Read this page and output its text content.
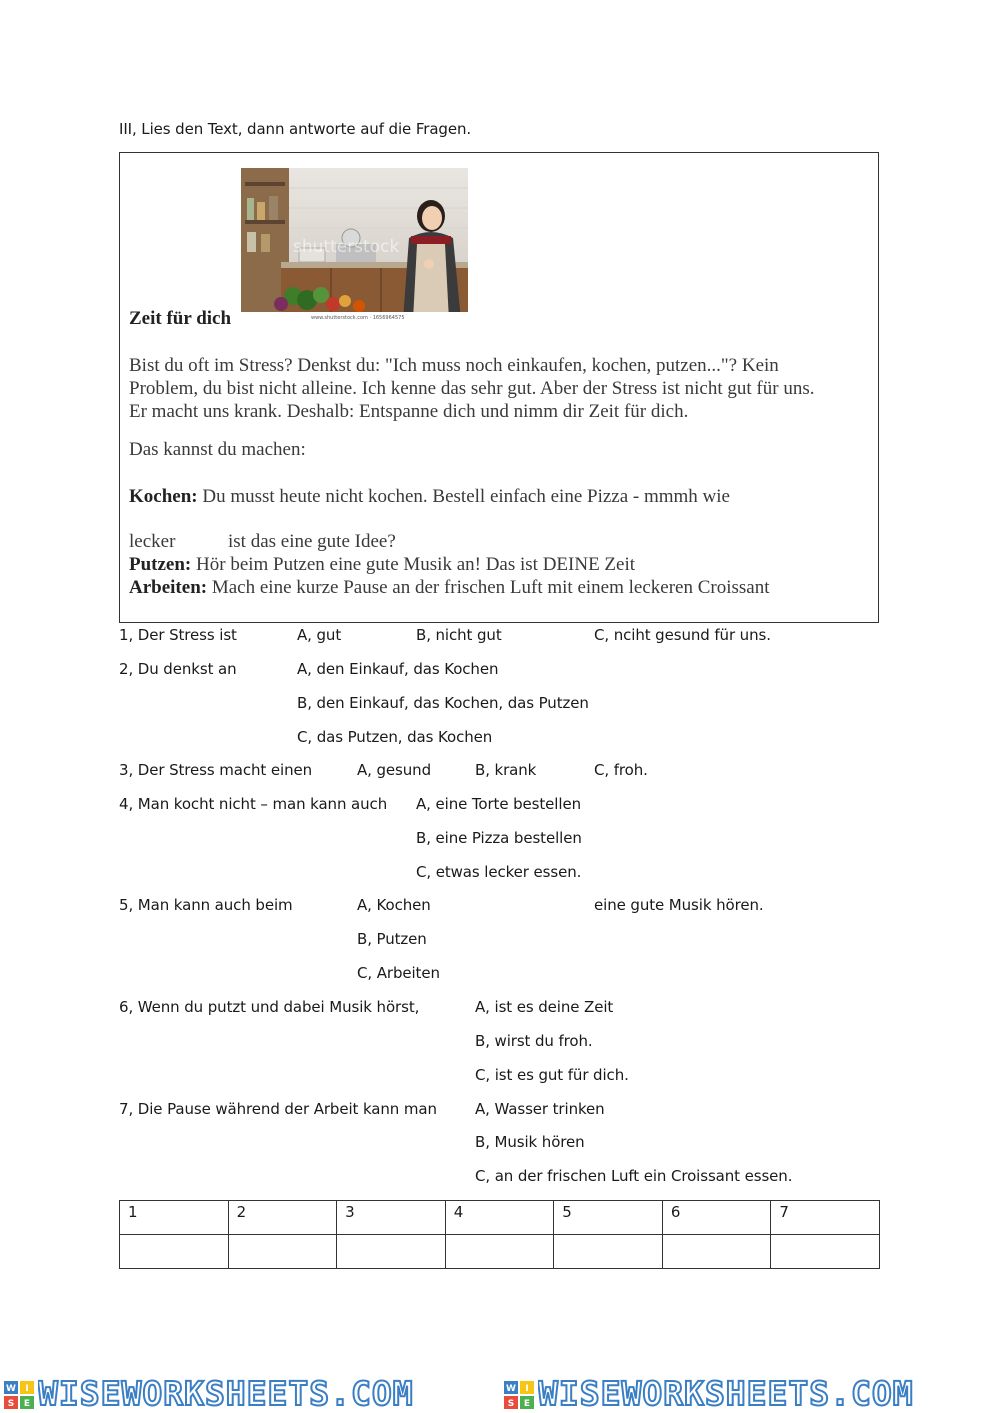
III, Lies den Text, dann antworte auf die Fragen.
shutterstock
www.shutterstock.com · 1656964575
Zeit für dich
Bist du oft im Stress? Denkst du: "Ich muss noch einkaufen, kochen, putzen..."? Kein
Problem, du bist nicht alleine. Ich kenne das sehr gut. Aber der Stress ist nicht gut für uns.
Er macht uns krank. Deshalb: Entspanne dich und nimm dir Zeit für dich.
Das kannst du machen:
Kochen: Du musst heute nicht kochen. Bestell einfach eine Pizza - mmmh wie
lecker	ist das eine gute Idee?
Putzen: Hör beim Putzen eine gute Musik an! Das ist DEINE Zeit
Arbeiten: Mach eine kurze Pause an der frischen Luft mit einem leckeren Croissant
1, Der Stress ist	A, gut	B, nicht gut	C, nciht gesund für uns.
2, Du denkst an	A, den Einkauf, das Kochen
B, den Einkauf, das Kochen, das Putzen
C, das Putzen, das Kochen
3, Der Stress macht einen	A, gesund	B, krank	C, froh.
4, Man kocht nicht – man kann auch A, eine Torte bestellen
B, eine Pizza bestellen
C, etwas lecker essen.
5, Man kann auch beim	A, Kochen	eine gute Musik hören.
B, Putzen
C, Arbeiten
6, Wenn du putzt und dabei Musik hörst,	A, ist es deine Zeit
B, wirst du froh.
C, ist es gut für dich.
7, Die Pause während der Arbeit kann man	A, Wasser trinken
B, Musik hören
C, an der frischen Luft ein Croissant essen.
1	2	3	4	5	6	7

W I
S E WISEWORKSHEETS.COM	W I
S E WISEWORKSHEETS.COM
